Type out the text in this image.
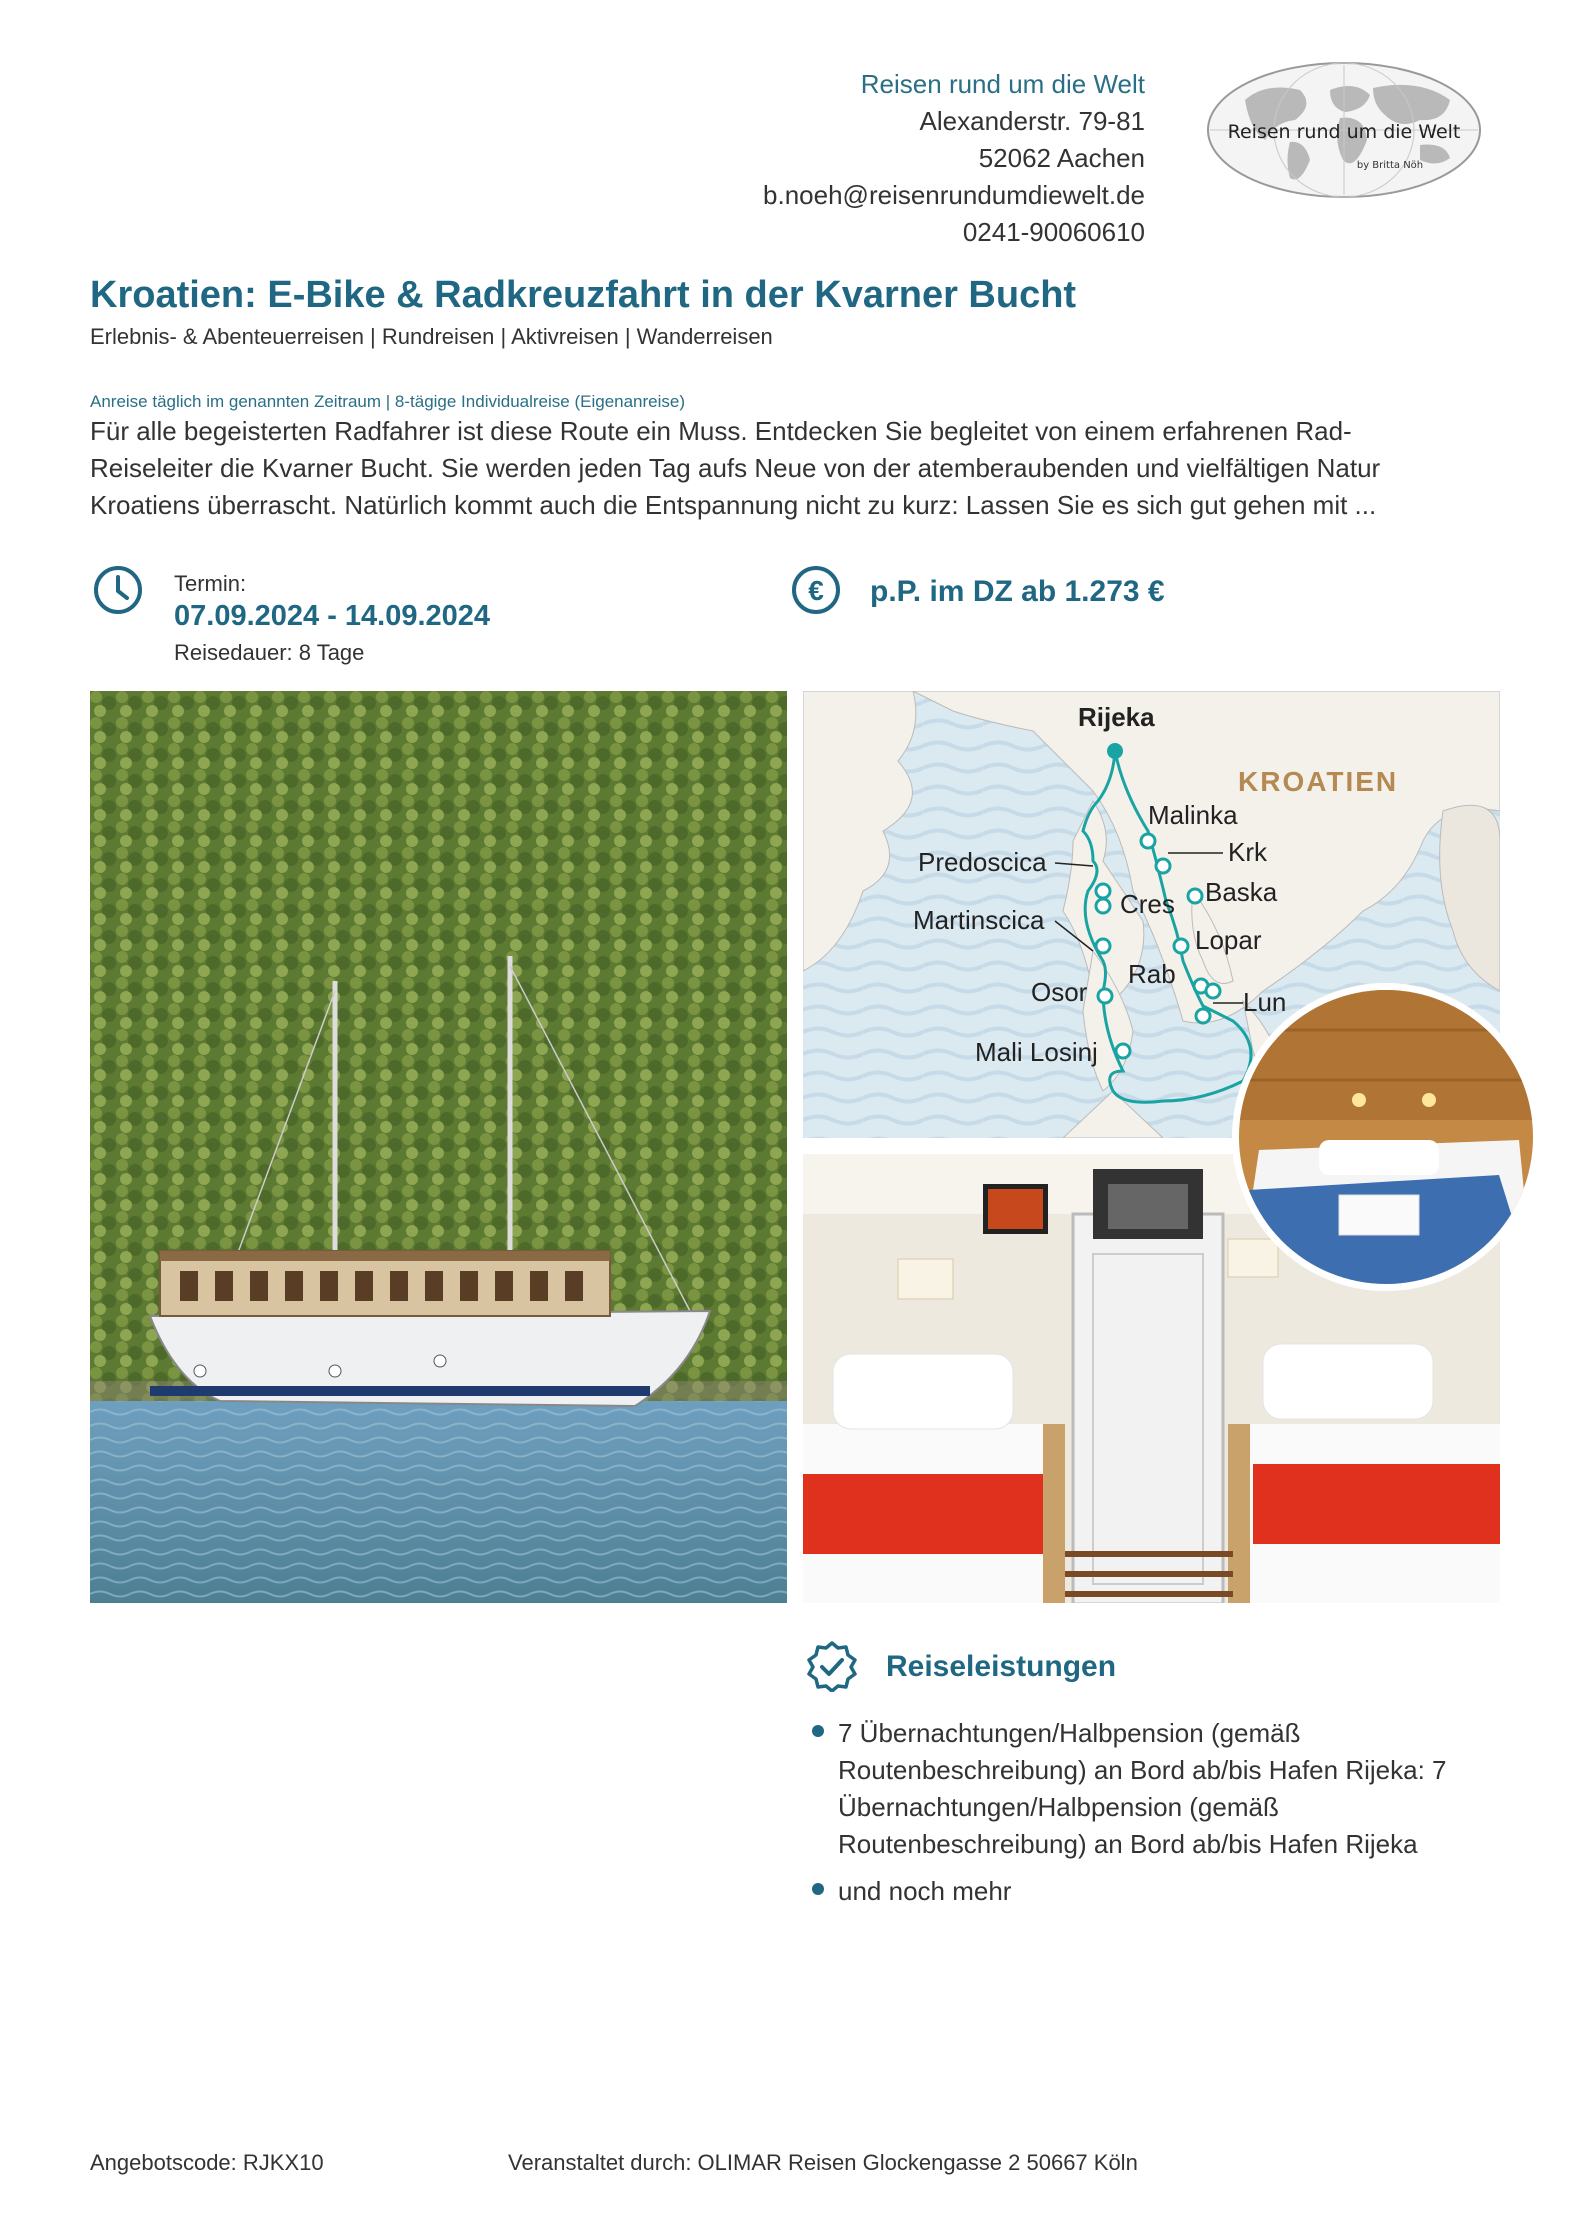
Reisen rund um die Welt
Alexanderstr. 79-81
52062 Aachen
b.noeh@reisenrundumdiewelt.de
0241-90060610
Reisen rund um die Welt
by Britta Nöh
Kroatien: E-Bike & Radkreuzfahrt in der Kvarner Bucht
Erlebnis- & Abenteuerreisen | Rundreisen | Aktivreisen | Wanderreisen
Anreise täglich im genannten Zeitraum | 8-tägige Individualreise (Eigenanreise)
Für alle begeisterten Radfahrer ist diese Route ein Muss. Entdecken Sie begleitet von einem erfahrenen Rad-Reiseleiter die Kvarner Bucht. Sie werden jeden Tag aufs Neue von der atemberaubenden und vielfältigen Natur Kroatiens überrascht. Natürlich kommt auch die Entspannung nicht zu kurz: Lassen Sie es sich gut gehen mit ...
Termin:
07.09.2024 - 14.09.2024
Reisedauer: 8 Tage
€ p.P. im DZ ab 1.273 €
Rijeka
KROATIEN
Malinka
Krk
Baska
Cres
Predoscica
Martinscica
Lopar
Rab
Lun
Osor
Mali Losinj
Reiseleistungen
7 Übernachtungen/Halbpension (gemäß Routenbeschreibung) an Bord ab/bis Hafen Rijeka: 7 Übernachtungen/Halbpension (gemäß Routenbeschreibung) an Bord ab/bis Hafen Rijeka
und noch mehr
Angebotscode: RJKX10	Veranstaltet durch: OLIMAR Reisen Glockengasse 2 50667 Köln
